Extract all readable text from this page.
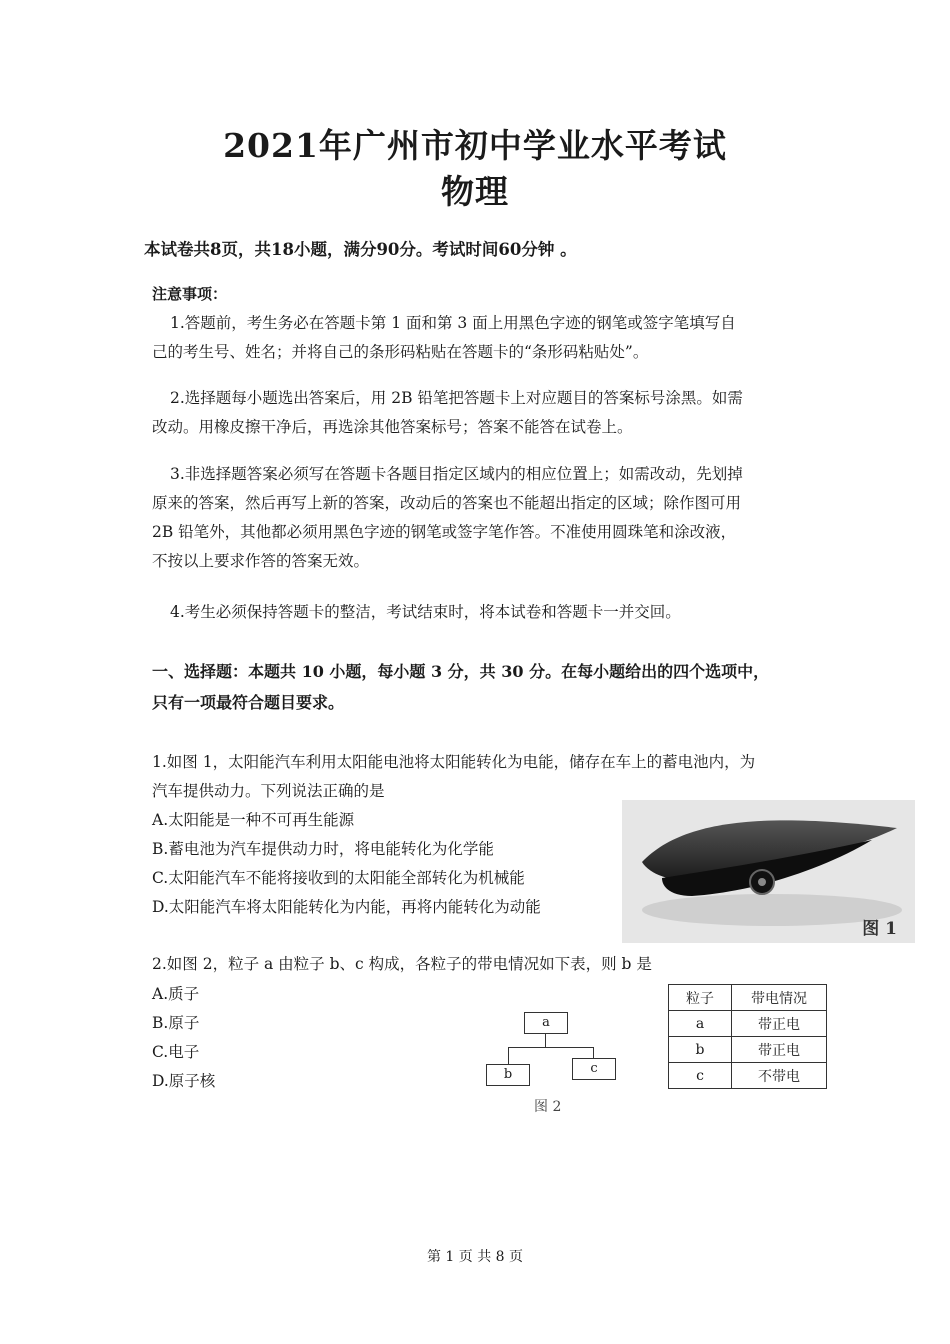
2021年广州市初中学业水平考试
物理
本试卷共8页，共18小题，满分90分。考试时间60分钟 。
注意事项：
1.答题前，考生务必在答题卡第 1 面和第 3 面上用黑色字迹的钢笔或签字笔填写自
己的考生号、姓名；并将自己的条形码粘贴在答题卡的“条形码粘贴处”。
2.选择题每小题选出答案后，用 2B 铅笔把答题卡上对应题目的答案标号涂黑。如需
改动。用橡皮擦干净后，再选涂其他答案标号；答案不能答在试卷上。
3.非选择题答案必须写在答题卡各题目指定区域内的相应位置上；如需改动，先划掉
原来的答案，然后再写上新的答案，改动后的答案也不能超出指定的区域；除作图可用
2B 铅笔外，其他都必须用黑色字迹的钢笔或签字笔作答。不准使用圆珠笔和涂改液，
不按以上要求作答的答案无效。
4.考生必须保持答题卡的整洁，考试结束时，将本试卷和答题卡一并交回。
一、选择题：本题共 10 小题，每小题 3 分，共 30 分。在每小题给出的四个选项中，
只有一项最符合题目要求。
1.如图 1，太阳能汽车利用太阳能电池将太阳能转化为电能，储存在车上的蓄电池内，为
汽车提供动力。下列说法正确的是
A.太阳能是一种不可再生能源
B.蓄电池为汽车提供动力时，将电能转化为化学能
C.太阳能汽车不能将接收到的太阳能全部转化为机械能
D.太阳能汽车将太阳能转化为内能，再将内能转化为动能
图 1
2.如图 2，粒子 a 由粒子 b、c 构成，各粒子的带电情况如下表，则 b 是
A.质子
B.原子
C.电子
D.原子核
a
b	c
图 2
粒子	带电情况
a	带正电
b	带正电
c	不带电
第 1 页 共 8 页
